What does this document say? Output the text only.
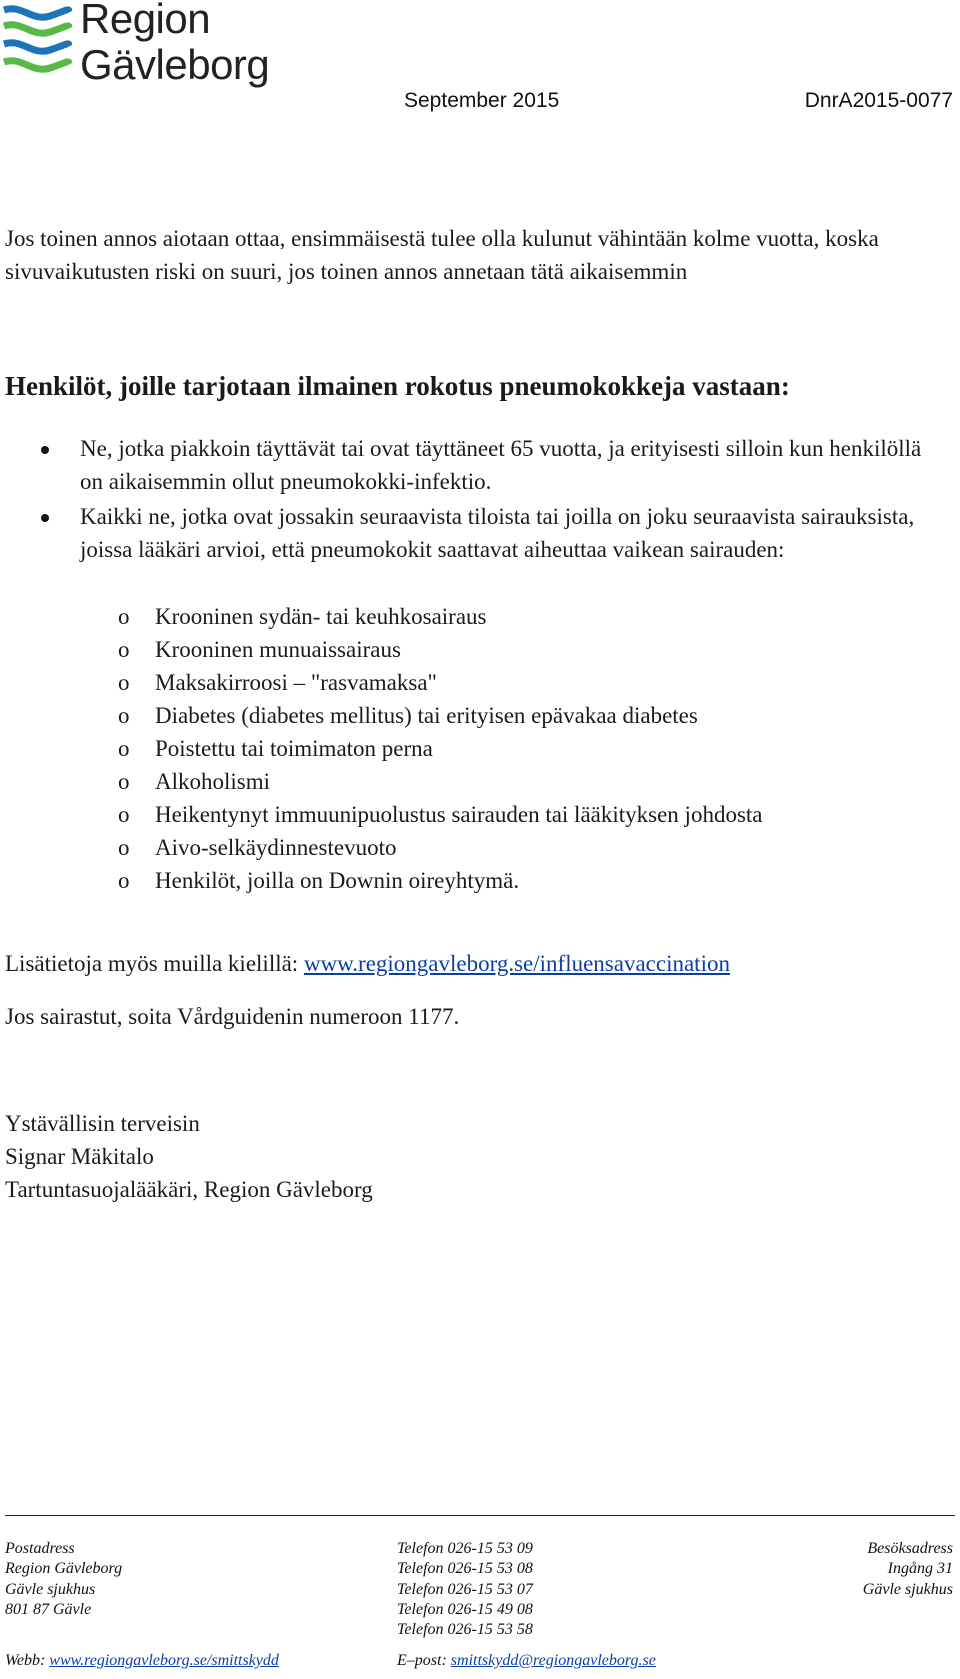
Region
Gävleborg
September 2015	DnrA2015-0077
Jos toinen annos aiotaan ottaa, ensimmäisestä tulee olla kulunut vähintään kolme vuotta, koska sivuvaikutusten riski on suuri, jos toinen annos annetaan tätä aikaisemmin
Henkilöt, joille tarjotaan ilmainen rokotus pneumokokkeja vastaan:
Ne, jotka piakkoin täyttävät tai ovat täyttäneet 65 vuotta, ja erityisesti silloin kun henkilöllä on aikaisemmin ollut pneumokokki-infektio.
Kaikki ne, jotka ovat jossakin seuraavista tiloista tai joilla on joku seuraavista sairauksista, joissa lääkäri arvioi, että pneumokokit saattavat aiheuttaa vaikean sairauden:
o Krooninen sydän- tai keuhkosairaus
o Krooninen munuaissairaus
o Maksakirroosi – "rasvamaksa"
o Diabetes (diabetes mellitus) tai erityisen epävakaa diabetes
o Poistettu tai toimimaton perna
o Alkoholismi
o Heikentynyt immuunipuolustus sairauden tai lääkityksen johdosta
o Aivo-selkäydinnestevuoto
o Henkilöt, joilla on Downin oireyhtymä.
Lisätietoja myös muilla kielillä: www.regiongavleborg.se/influensavaccination
Jos sairastut, soita Vårdguidenin numeroon 1177.
Ystävällisin terveisin
Signar Mäkitalo
Tartuntasuojalääkäri, Region Gävleborg
Postadress
Region Gävleborg
Gävle sjukhus
801 87 Gävle
Telefon 026-15 53 09
Telefon 026-15 53 08
Telefon 026-15 53 07
Telefon 026-15 49 08
Telefon 026-15 53 58
Besöksadress
Ingång 31
Gävle sjukhus
Webb: www.regiongavleborg.se/smittskydd	E–post: smittskydd@regiongavleborg.se
